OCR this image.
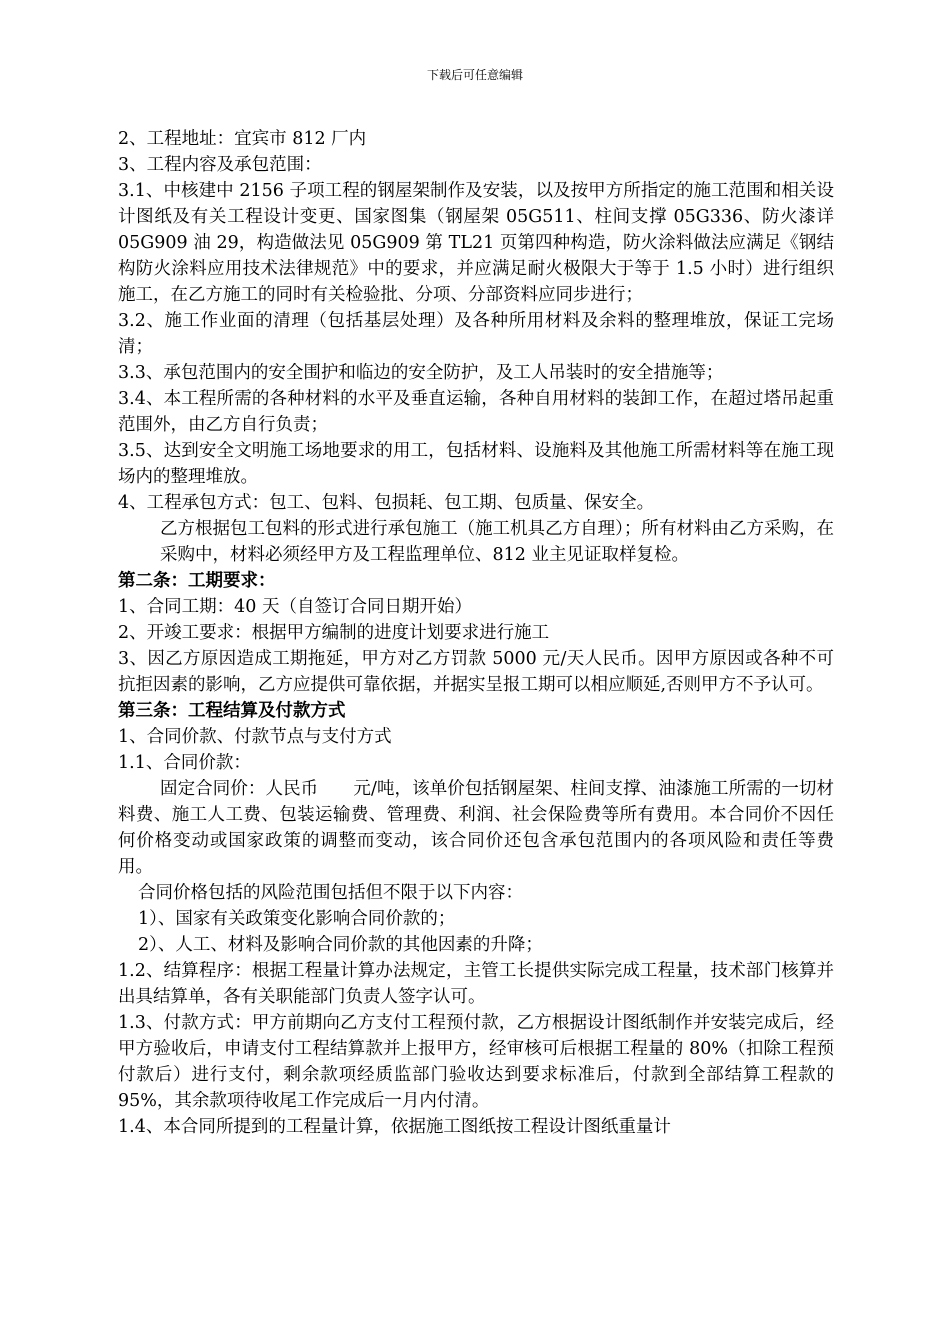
下载后可任意编辑

2、工程地址：宜宾市 812 厂内

3、工程内容及承包范围：

3.1、中核建中 2156 子项工程的钢屋架制作及安装，以及按甲方所指定的施工范围和相关设计图纸及有关工程设计变更、国家图集（钢屋架 05G511、柱间支撑 05G336、防火漆详 05G909 油 29，构造做法见 05G909 第 TL21 页第四种构造，防火涂料做法应满足《钢结构防火涂料应用技术法律规范》中的要求，并应满足耐火极限大于等于 1.5 小时）进行组织施工，在乙方施工的同时有关检验批、分项、分部资料应同步进行；

3.2、施工作业面的清理（包括基层处理）及各种所用材料及余料的整理堆放，保证工完场清；

3.3、承包范围内的安全围护和临边的安全防护，及工人吊装时的安全措施等；

3.4、本工程所需的各种材料的水平及垂直运输，各种自用材料的装卸工作，在超过塔吊起重范围外，由乙方自行负责；

3.5、达到安全文明施工场地要求的用工，包括材料、设施料及其他施工所需材料等在施工现场内的整理堆放。

4、工程承包方式：包工、包料、包损耗、包工期、包质量、保安全。

乙方根据包工包料的形式进行承包施工（施工机具乙方自理）；所有材料由乙方采购，在采购中，材料必须经甲方及工程监理单位、812 业主见证取样复检。

第二条：工期要求：

1、合同工期：40 天（自签订合同日期开始）

2、开竣工要求：根据甲方编制的进度计划要求进行施工

3、因乙方原因造成工期拖延，甲方对乙方罚款 5000 元/天人民币。因甲方原因或各种不可抗拒因素的影响，乙方应提供可靠依据，并据实呈报工期可以相应顺延,否则甲方不予认可。

第三条：工程结算及付款方式

1、合同价款、付款节点与支付方式

1.1、合同价款：

固定合同价：人民币　　元/吨，该单价包括钢屋架、柱间支撑、油漆施工所需的一切材料费、施工人工费、包装运输费、管理费、利润、社会保险费等所有费用。本合同价不因任何价格变动或国家政策的调整而变动，该合同价还包含承包范围内的各项风险和责任等费用。

合同价格包括的风险范围包括但不限于以下内容：

1）、国家有关政策变化影响合同价款的；

2）、人工、材料及影响合同价款的其他因素的升降；

1.2、结算程序：根据工程量计算办法规定，主管工长提供实际完成工程量，技术部门核算并出具结算单，各有关职能部门负责人签字认可。

1.3、付款方式：甲方前期向乙方支付工程预付款，乙方根据设计图纸制作并安装完成后，经甲方验收后，申请支付工程结算款并上报甲方，经审核可后根据工程量的 80%（扣除工程预付款后）进行支付，剩余款项经质监部门验收达到要求标准后，付款到全部结算工程款的 95%，其余款项待收尾工作完成后一月内付清。

1.4、本合同所提到的工程量计算，依据施工图纸按工程设计图纸重量计
